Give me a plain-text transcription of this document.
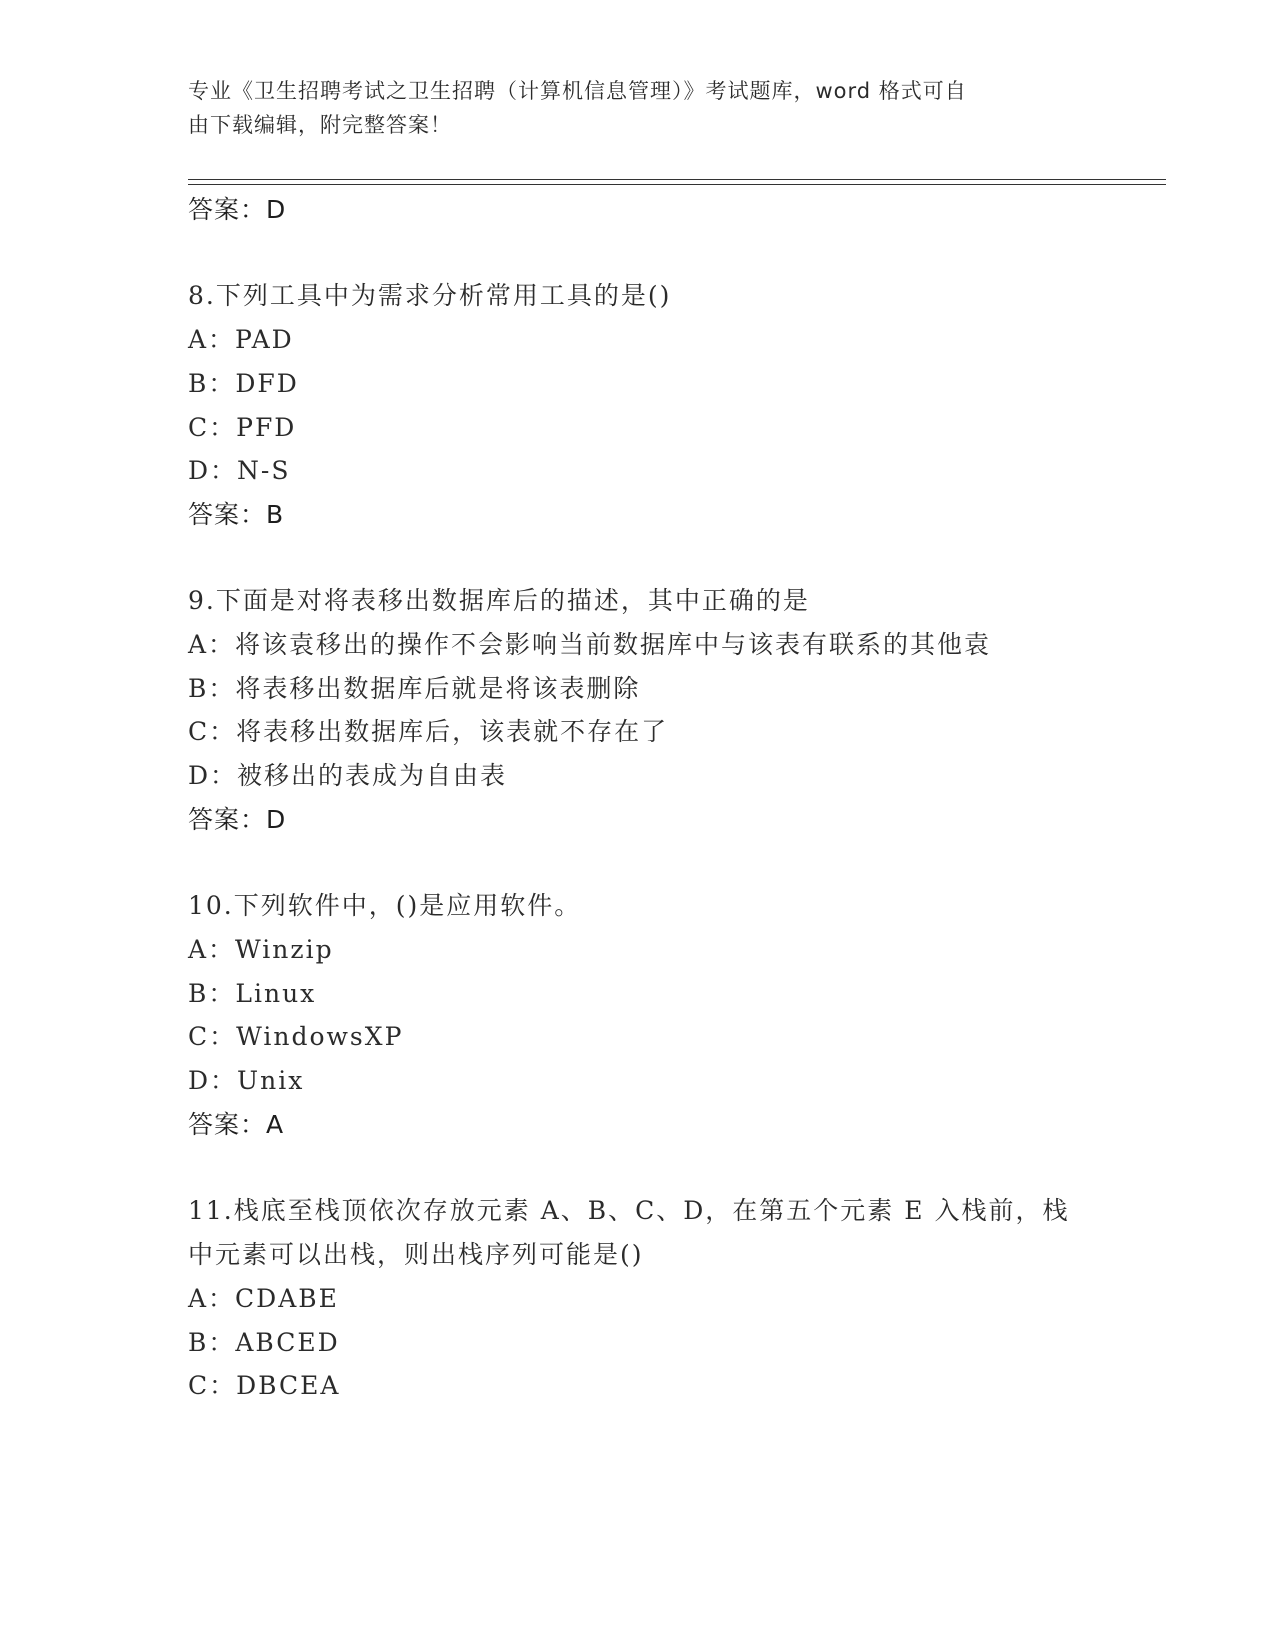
专业《卫生招聘考试之卫生招聘（计算机信息管理）》考试题库，word 格式可自
由下载编辑，附完整答案！
答案：D
8.下列工具中为需求分析常用工具的是()
A：PAD
B：DFD
C：PFD
D：N-S
答案：B
9.下面是对将表移出数据库后的描述，其中正确的是
A：将该袁移出的操作不会影响当前数据库中与该表有联系的其他袁
B：将表移出数据库后就是将该表删除
C：将表移出数据库后，该表就不存在了
D：被移出的表成为自由表
答案：D
10.下列软件中，()是应用软件。
A：Winzip
B：Linux
C：WindowsXP
D：Unix
答案：A
11.栈底至栈顶依次存放元素 A、B、C、D，在第五个元素 E 入栈前，栈
中元素可以出栈，则出栈序列可能是()
A：CDABE
B：ABCED
C：DBCEA
